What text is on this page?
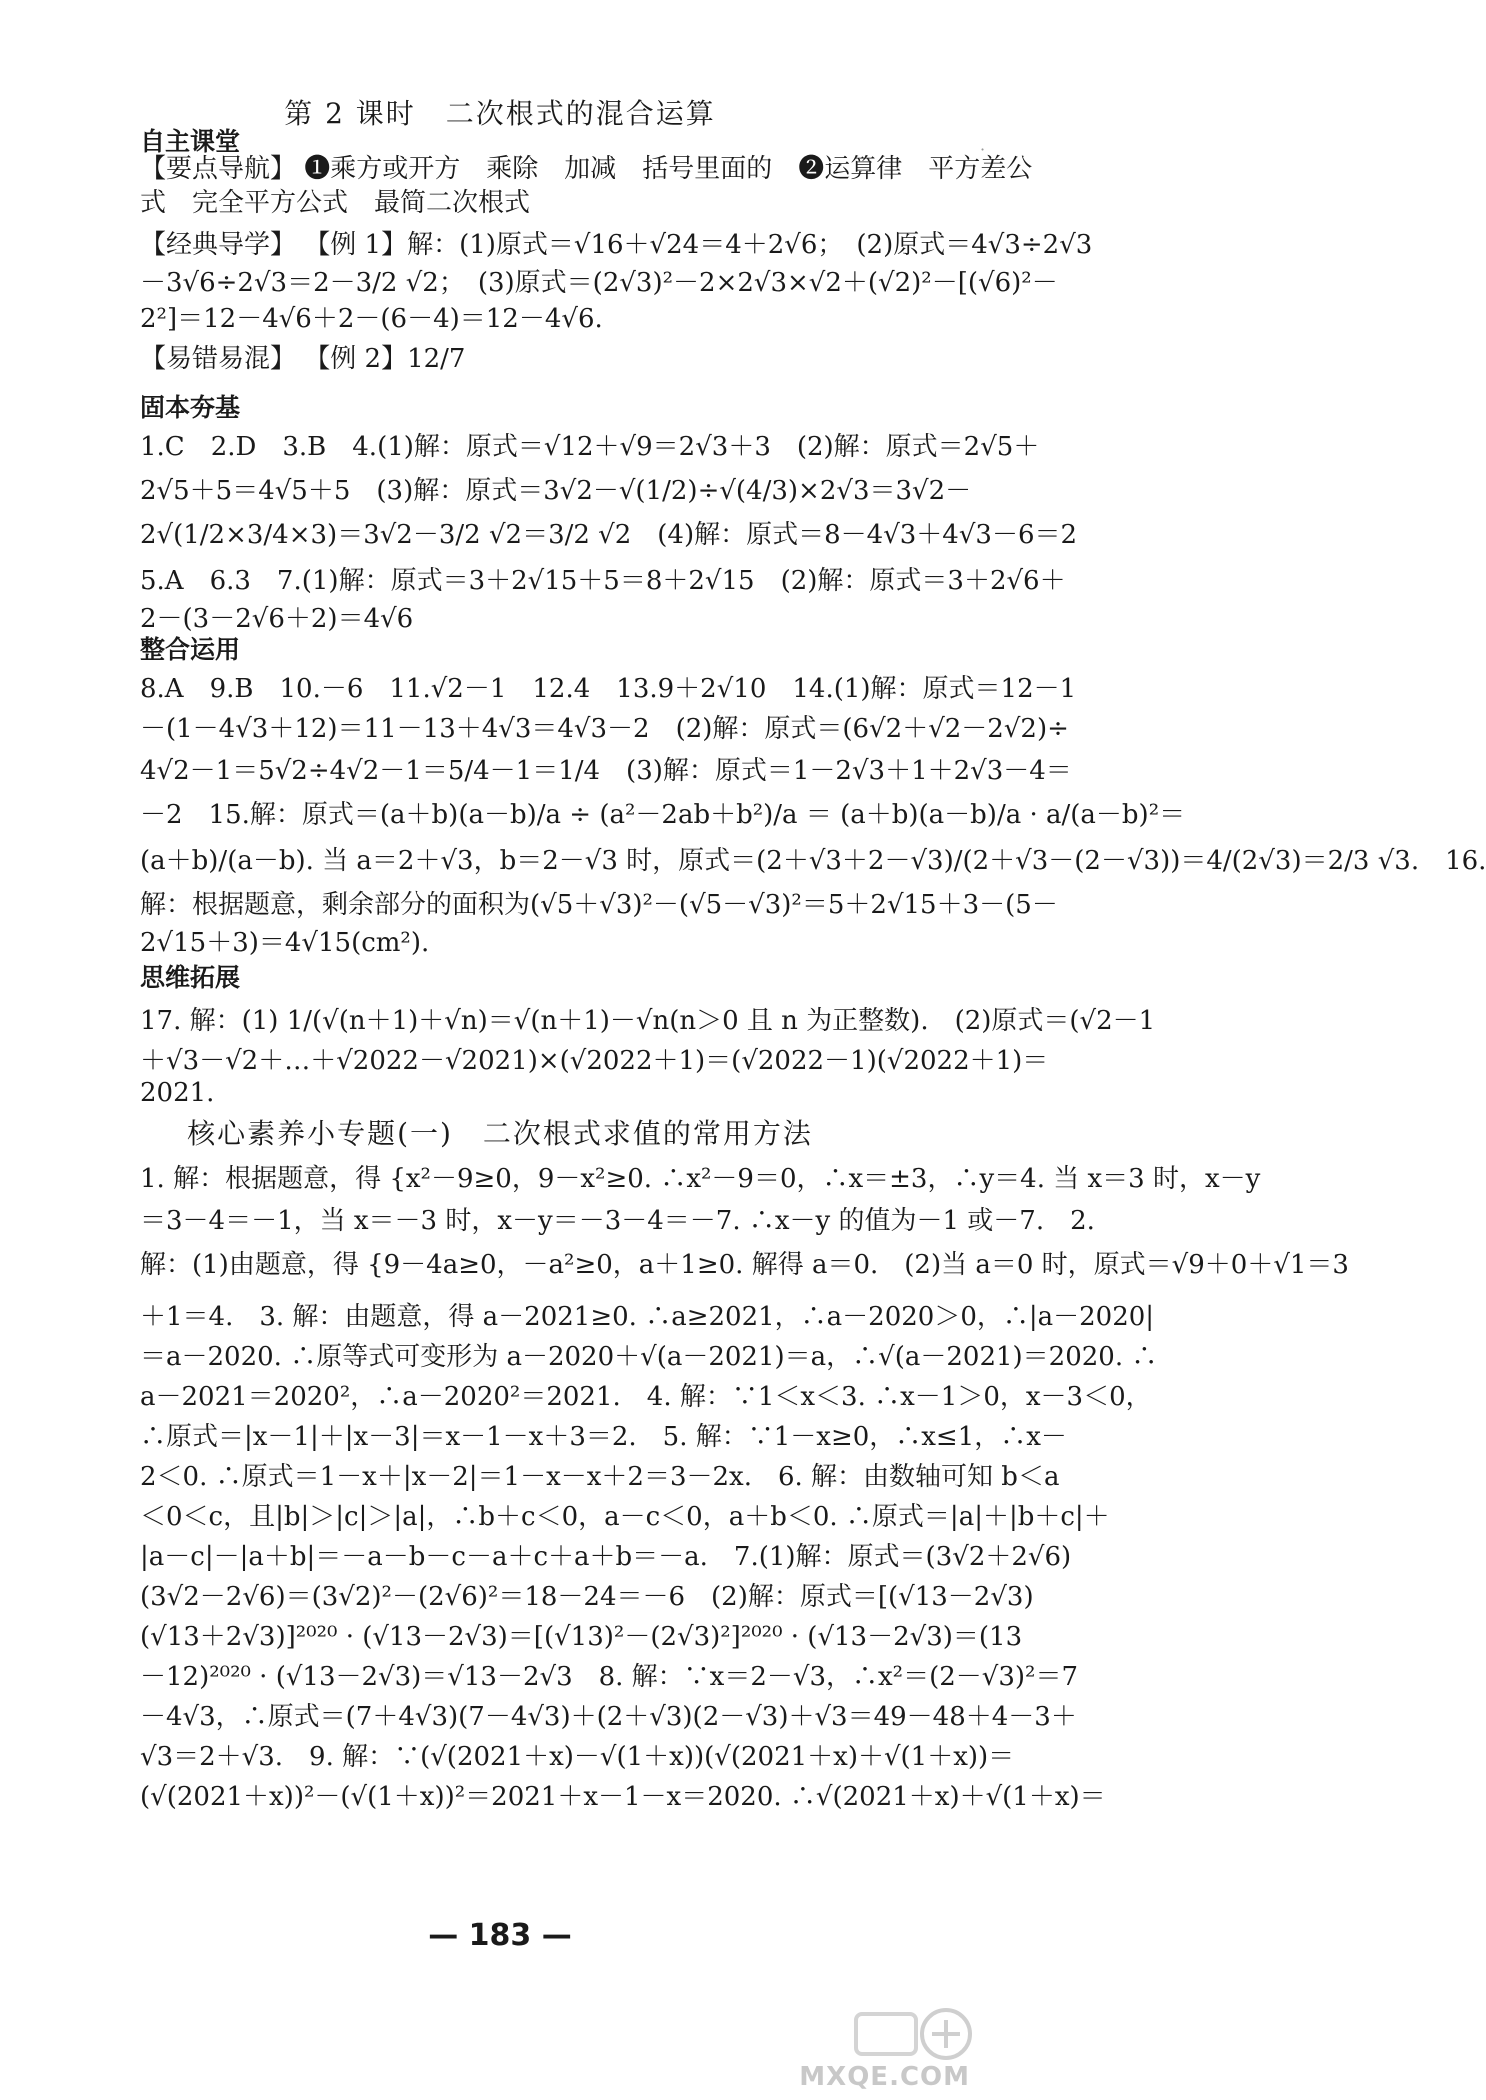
·
第 2 课时　二次根式的混合运算
自主课堂
【要点导航】 ❶乘方或开方　乘除　加减　括号里面的　❷运算律　平方差公
式　完全平方公式　最简二次根式
【经典导学】 【例 1】解：(1)原式＝√16＋√24＝4＋2√6；　(2)原式＝4√3÷2√3
－3√6÷2√3＝2－3/2 √2；　(3)原式＝(2√3)²－2×2√3×√2＋(√2)²－[(√6)²－
2²]＝12－4√6＋2－(6－4)＝12－4√6.
【易错易混】 【例 2】12/7
固本夯基
1.C　2.D　3.B　4.(1)解：原式＝√12＋√9＝2√3＋3　(2)解：原式＝2√5＋
2√5＋5＝4√5＋5　(3)解：原式＝3√2－√(1/2)÷√(4/3)×2√3＝3√2－
2√(1/2×3/4×3)＝3√2－3/2 √2＝3/2 √2　(4)解：原式＝8－4√3＋4√3－6＝2
5.A　6.3　7.(1)解：原式＝3＋2√15＋5＝8＋2√15　(2)解：原式＝3＋2√6＋
2－(3－2√6＋2)＝4√6
整合运用
8.A　9.B　10.－6　11.√2－1　12.4　13.9＋2√10　14.(1)解：原式＝12－1
－(1－4√3＋12)＝11－13＋4√3＝4√3－2　(2)解：原式＝(6√2＋√2－2√2)÷
4√2－1＝5√2÷4√2－1＝5/4－1＝1/4　(3)解：原式＝1－2√3＋1＋2√3－4＝
－2　15.解：原式＝(a＋b)(a－b)/a ÷ (a²－2ab＋b²)/a ＝ (a＋b)(a－b)/a · a/(a－b)²＝
(a＋b)/(a－b). 当 a＝2＋√3，b＝2－√3 时，原式＝(2＋√3＋2－√3)/(2＋√3－(2－√3))＝4/(2√3)＝2/3 √3.　16.
解：根据题意，剩余部分的面积为(√5＋√3)²－(√5－√3)²＝5＋2√15＋3－(5－
2√15＋3)＝4√15(cm²).
思维拓展
17. 解：(1) 1/(√(n＋1)＋√n)＝√(n＋1)－√n(n＞0 且 n 为正整数).　(2)原式＝(√2－1
＋√3－√2＋…＋√2022－√2021)×(√2022＋1)＝(√2022－1)(√2022＋1)＝
2021.
核心素养小专题(一)　二次根式求值的常用方法
1. 解：根据题意，得 {x²－9≥0，9－x²≥0. ∴x²－9＝0，∴x＝±3，∴y＝4. 当 x＝3 时，x－y
＝3－4＝－1，当 x＝－3 时，x－y＝－3－4＝－7. ∴x－y 的值为－1 或－7.　2.
解：(1)由题意，得 {9－4a≥0，－a²≥0，a＋1≥0. 解得 a＝0.　(2)当 a＝0 时，原式＝√9＋0＋√1＝3
＋1＝4.　3. 解：由题意，得 a－2021≥0. ∴a≥2021，∴a－2020＞0，∴|a－2020|
＝a－2020. ∴原等式可变形为 a－2020＋√(a－2021)＝a，∴√(a－2021)＝2020. ∴
a－2021＝2020²，∴a－2020²＝2021.　4. 解：∵1＜x＜3. ∴x－1＞0，x－3＜0，
∴原式＝|x－1|＋|x－3|＝x－1－x＋3＝2.　5. 解：∵1－x≥0，∴x≤1，∴x－
2＜0. ∴原式＝1－x＋|x－2|＝1－x－x＋2＝3－2x.　6. 解：由数轴可知 b＜a
＜0＜c，且|b|＞|c|＞|a|，∴b＋c＜0，a－c＜0，a＋b＜0. ∴原式＝|a|＋|b＋c|＋
|a－c|－|a＋b|＝－a－b－c－a＋c＋a＋b＝－a.　7.(1)解：原式＝(3√2＋2√6)
(3√2－2√6)＝(3√2)²－(2√6)²＝18－24＝－6　(2)解：原式＝[(√13－2√3)
(√13＋2√3)]²⁰²⁰ · (√13－2√3)＝[(√13)²－(2√3)²]²⁰²⁰ · (√13－2√3)＝(13
－12)²⁰²⁰ · (√13－2√3)＝√13－2√3　8. 解：∵x＝2－√3，∴x²＝(2－√3)²＝7
－4√3，∴原式＝(7＋4√3)(7－4√3)＋(2＋√3)(2－√3)＋√3＝49－48＋4－3＋
√3＝2＋√3.　9. 解：∵(√(2021＋x)－√(1＋x))(√(2021＋x)＋√(1＋x))＝
(√(2021＋x))²－(√(1＋x))²＝2021＋x－1－x＝2020. ∴√(2021＋x)＋√(1＋x)＝
— 183 —
MXQE.COM
